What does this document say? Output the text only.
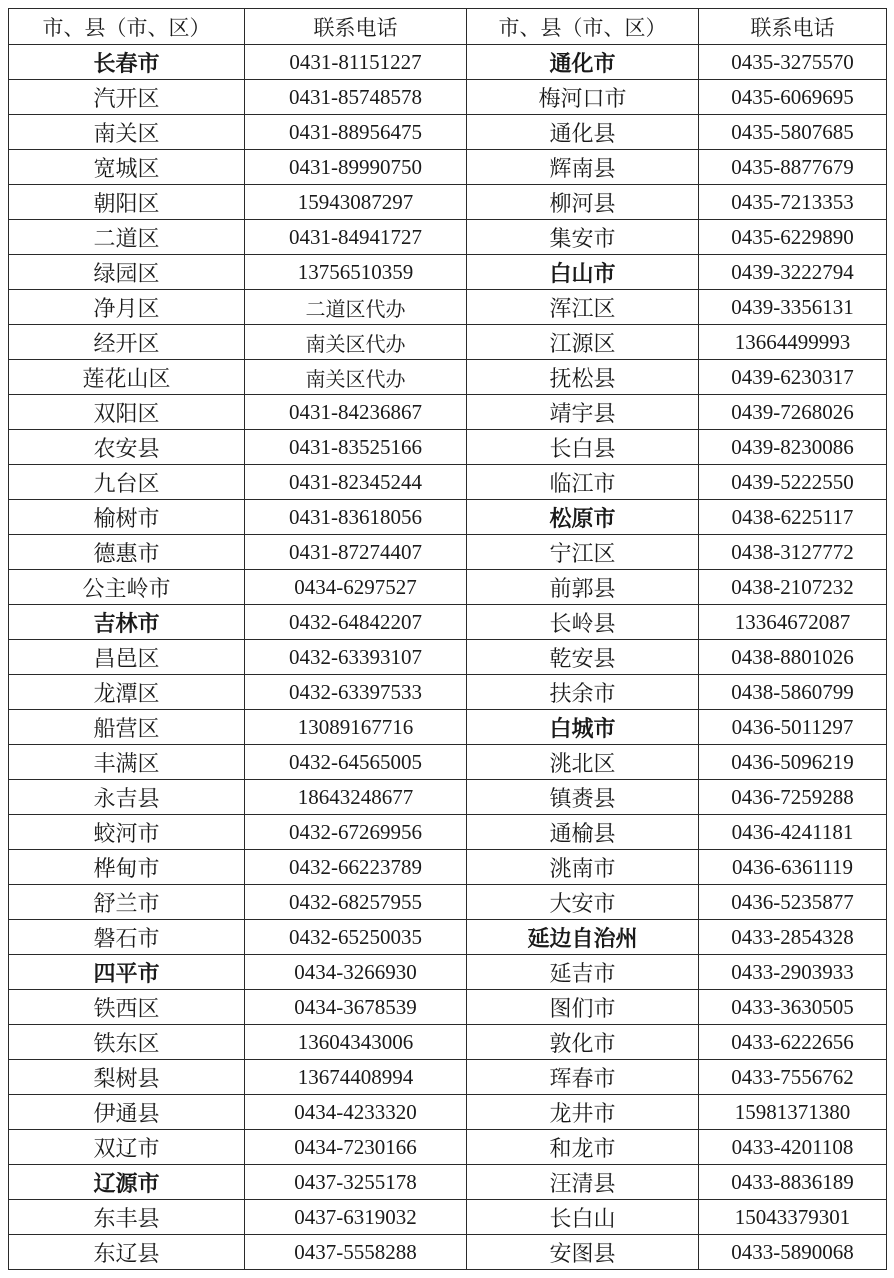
市、县（市、区）	联系电话	市、县（市、区）	联系电话
长春市	0431-81151227	通化市	0435-3275570
汽开区	0431-85748578	梅河口市	0435-6069695
南关区	0431-88956475	通化县	0435-5807685
宽城区	0431-89990750	辉南县	0435-8877679
朝阳区	15943087297	柳河县	0435-7213353
二道区	0431-84941727	集安市	0435-6229890
绿园区	13756510359	白山市	0439-3222794
净月区	二道区代办	浑江区	0439-3356131
经开区	南关区代办	江源区	13664499993
莲花山区	南关区代办	抚松县	0439-6230317
双阳区	0431-84236867	靖宇县	0439-7268026
农安县	0431-83525166	长白县	0439-8230086
九台区	0431-82345244	临江市	0439-5222550
榆树市	0431-83618056	松原市	0438-6225117
德惠市	0431-87274407	宁江区	0438-3127772
公主岭市	0434-6297527	前郭县	0438-2107232
吉林市	0432-64842207	长岭县	13364672087
昌邑区	0432-63393107	乾安县	0438-8801026
龙潭区	0432-63397533	扶余市	0438-5860799
船营区	13089167716	白城市	0436-5011297
丰满区	0432-64565005	洮北区	0436-5096219
永吉县	18643248677	镇赉县	0436-7259288
蛟河市	0432-67269956	通榆县	0436-4241181
桦甸市	0432-66223789	洮南市	0436-6361119
舒兰市	0432-68257955	大安市	0436-5235877
磐石市	0432-65250035	延边自治州	0433-2854328
四平市	0434-3266930	延吉市	0433-2903933
铁西区	0434-3678539	图们市	0433-3630505
铁东区	13604343006	敦化市	0433-6222656
梨树县	13674408994	珲春市	0433-7556762
伊通县	0434-4233320	龙井市	15981371380
双辽市	0434-7230166	和龙市	0433-4201108
辽源市	0437-3255178	汪清县	0433-8836189
东丰县	0437-6319032	长白山	15043379301
东辽县	0437-5558288	安图县	0433-5890068
